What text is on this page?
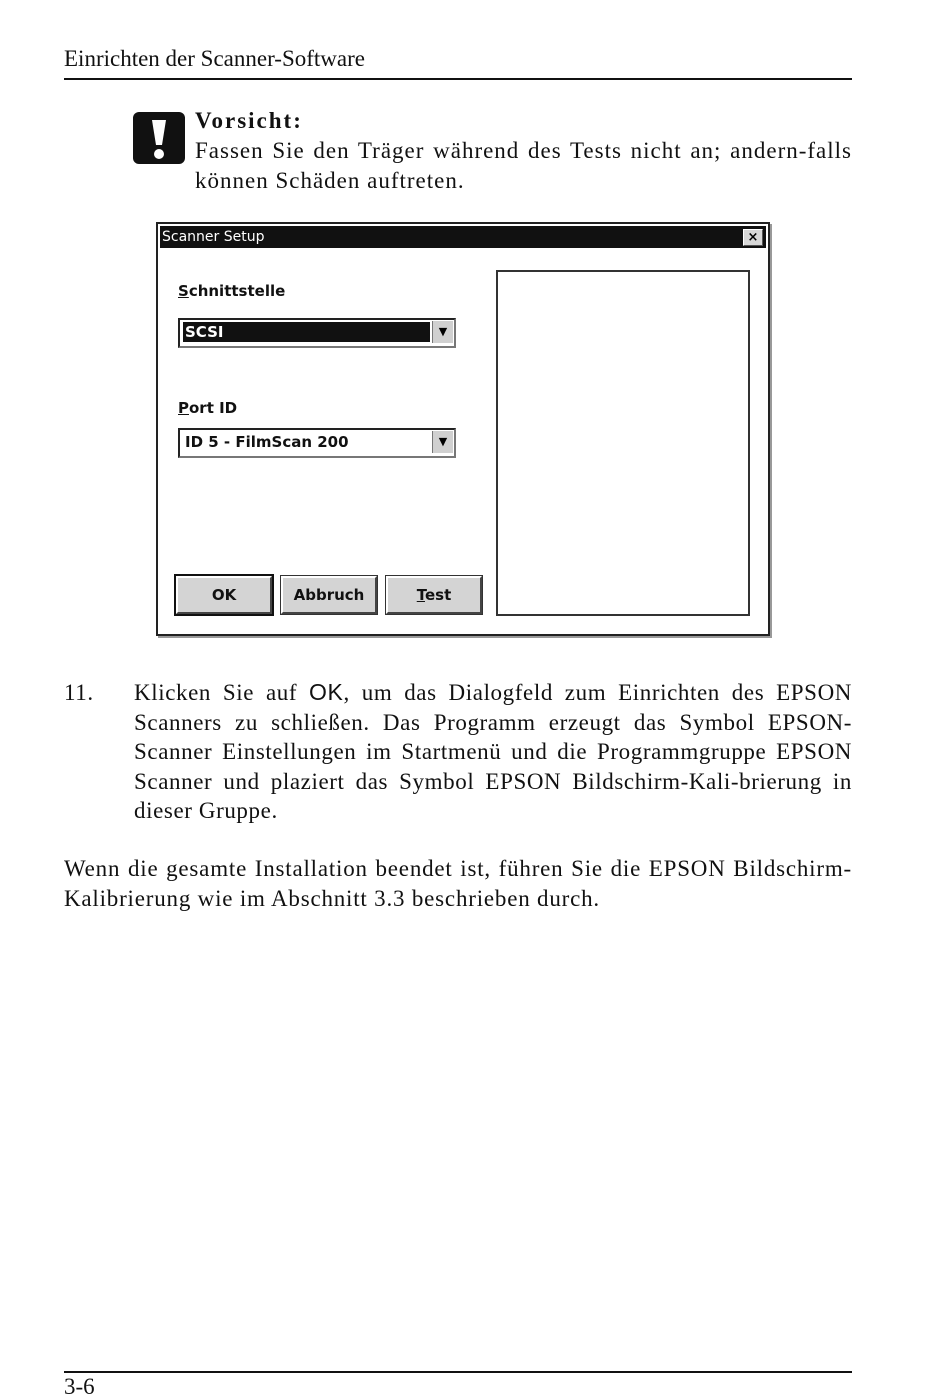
Einrichten der Scanner-Software
Vorsicht:
Fassen Sie den Träger während des Tests nicht an; andern-falls können Schäden auftreten.
Scanner Setup	×
Schnittstelle
SCSI	▼
Port ID
ID 5 - FilmScan 200	▼
OK	Abbruch	Test
11. Klicken Sie auf OK, um das Dialogfeld zum Einrichten des EPSON Scanners zu schließen. Das Programm erzeugt das Symbol EPSON-Scanner Einstellungen im Startmenü und die Programmgruppe EPSON Scanner und plaziert das Symbol EPSON Bildschirm-Kali-brierung in dieser Gruppe.
Wenn die gesamte Installation beendet ist, führen Sie die EPSON Bildschirm-Kalibrierung wie im Abschnitt 3.3 beschrieben durch.
3-6
